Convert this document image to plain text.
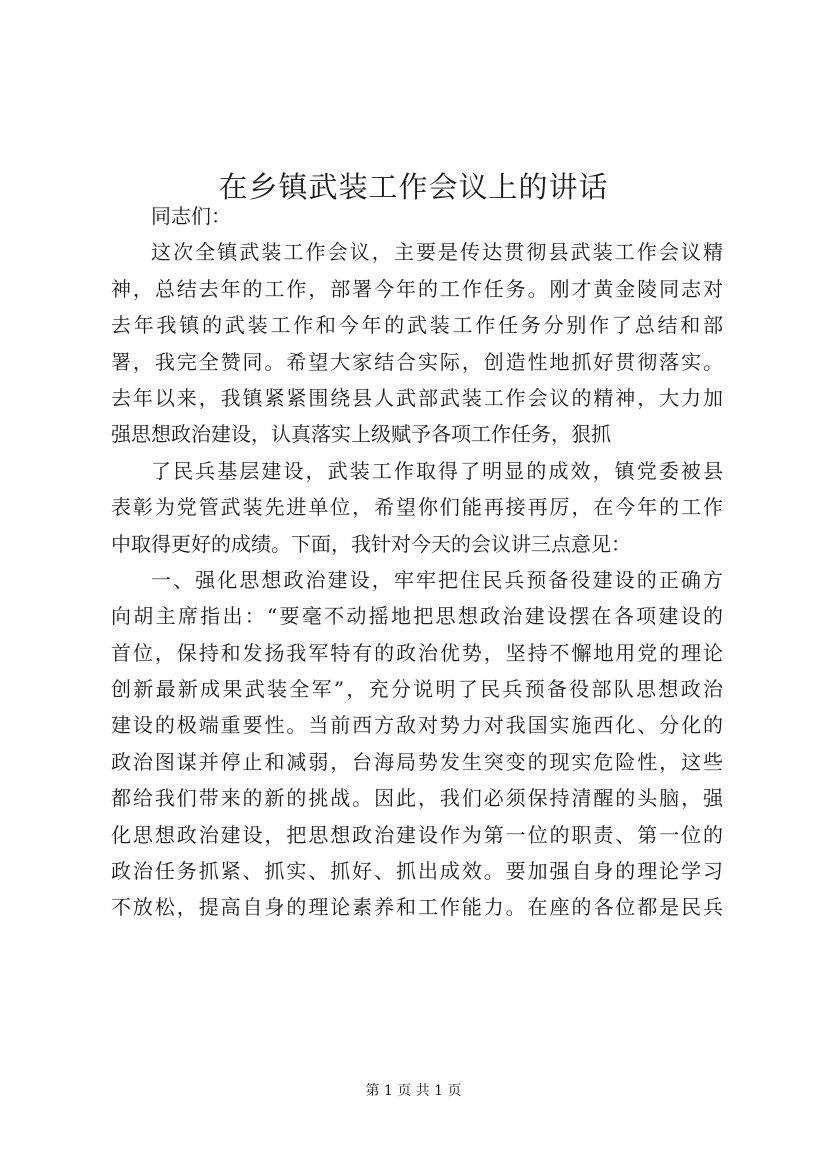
在乡镇武装工作会议上的讲话
同志们：
这次全镇武装工作会议，主要是传达贯彻县武装工作会议精
神，总结去年的工作，部署今年的工作任务。刚才黄金陵同志对
去年我镇的武装工作和今年的武装工作任务分别作了总结和部
署，我完全赞同。希望大家结合实际，创造性地抓好贯彻落实。
去年以来，我镇紧紧围绕县人武部武装工作会议的精神，大力加
强思想政治建设，认真落实上级赋予各项工作任务，狠抓
了民兵基层建设，武装工作取得了明显的成效，镇党委被县
表彰为党管武装先进单位，希望你们能再接再厉，在今年的工作
中取得更好的成绩。下面，我针对今天的会议讲三点意见：
一、强化思想政治建设，牢牢把住民兵预备役建设的正确方
向胡主席指出：“要毫不动摇地把思想政治建设摆在各项建设的
首位，保持和发扬我军特有的政治优势，坚持不懈地用党的理论
创新最新成果武装全军”，充分说明了民兵预备役部队思想政治
建设的极端重要性。当前西方敌对势力对我国实施西化、分化的
政治图谋并停止和减弱，台海局势发生突变的现实危险性，这些
都给我们带来的新的挑战。因此，我们必须保持清醒的头脑，强
化思想政治建设，把思想政治建设作为第一位的职责、第一位的
政治任务抓紧、抓实、抓好、抓出成效。要加强自身的理论学习
不放松，提高自身的理论素养和工作能力。在座的各位都是民兵
第 1 页 共 1 页
